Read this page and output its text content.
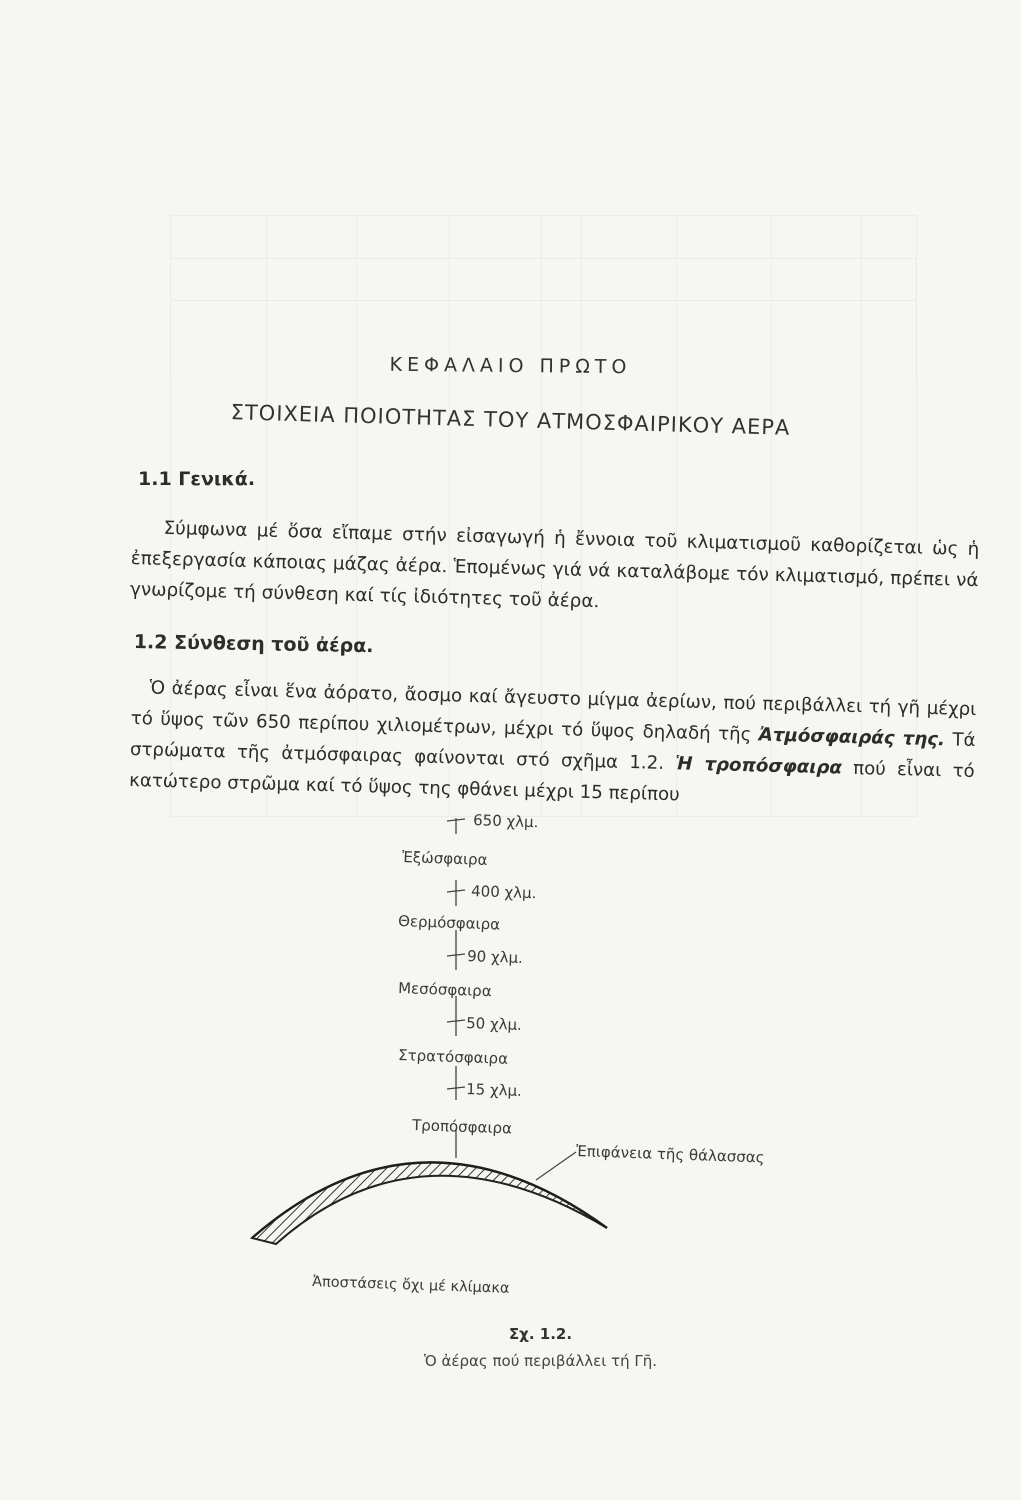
ΚΕΦΑΛΑΙΟ ΠΡΩΤΟ
ΣΤΟΙΧΕΙΑ ΠΟΙΟΤΗΤΑΣ ΤΟΥ ΑΤΜΟΣΦΑΙΡΙΚΟΥ ΑΕΡΑ
1.1 Γενικά.
Σύμφωνα μέ ὅσα εἴπαμε στήν εἰσαγωγή ἡ ἔννοια τοῦ κλιματισμοῦ καθορίζεται ὡς ἡ ἐπεξεργασία κάποιας μάζας ἀέρα. Ἑπομένως γιά νά καταλάβομε τόν κλιματισμό, πρέπει νά γνωρίζομε τή σύνθεση καί τίς ἰδιότητες τοῦ ἀέρα.
1.2 Σύνθεση τοῦ ἀέρα.
Ὁ ἀέρας εἶναι ἕνα ἀόρατο, ἄοσμο καί ἄγευστο μίγμα ἀερίων, πού περιβάλλει τή γῆ μέχρι τό ὕψος τῶν 650 περίπου χιλιομέτρων, μέχρι τό ὕψος δηλαδή τῆς Ἀτμόσφαιράς της. Τά στρώματα τῆς ἀτμόσφαιρας φαίνονται στό σχῆμα 1.2. Ἡ τροπόσφαιρα πού εἶναι τό κατώτερο στρῶμα καί τό ὕψος της φθάνει μέχρι 15 περίπου
650 χλμ.
400 χλμ.
90 χλμ.
50 χλμ.
15 χλμ.
Ἐξώσφαιρα
Θερμόσφαιρα
Μεσόσφαιρα
Στρατόσφαιρα
Τροπόσφαιρα
Ἐπιφάνεια τῆς θάλασσας
Ἀποστάσεις ὄχι μέ κλίμακα
Σχ. 1.2.
Ὁ ἀέρας πού περιβάλλει τή Γῆ.
